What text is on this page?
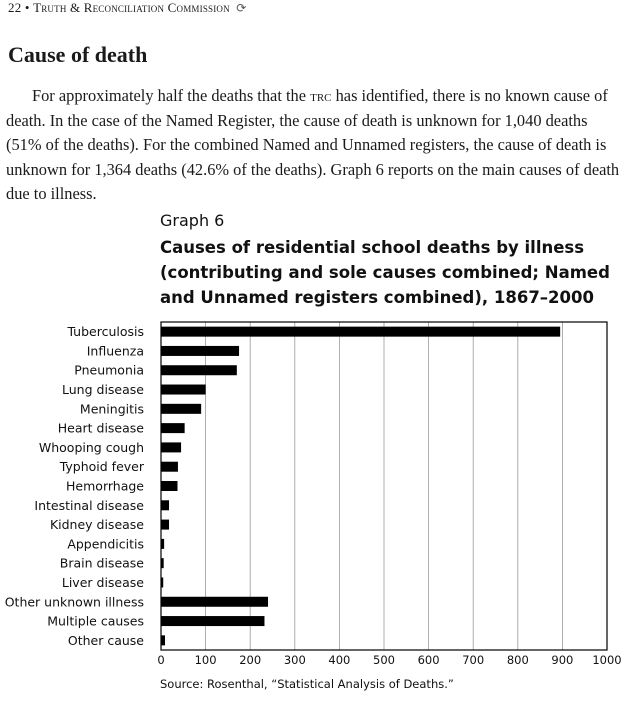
22 • Truth & Reconciliation Commission ⟳
Cause of death

For approximately half the deaths that the trc has identified, there is no known cause of death. In the case of the Named Register, the cause of death is unknown for 1,040 deaths (51% of the deaths). For the combined Named and Unnamed registers, the cause of death is unknown for 1,364 deaths (42.6% of the deaths). Graph 6 reports on the main causes of death due to illness.

Graph 6

Causes of residential school deaths by illness (contributing and sole causes combined; Named and Unnamed registers combined), 1867–2000

Tuberculosis
Influenza
Pneumonia
Lung disease
Meningitis
Heart disease
Whooping cough
Typhoid fever
Hemorrhage
Intestinal disease
Kidney disease
Appendicitis
Brain disease
Liver disease
Other unknown illness
Multiple causes
Other cause
0	100 200 300 400 500 600 700 800 900 1000
Source: Rosenthal, “Statistical Analysis of Deaths.”
